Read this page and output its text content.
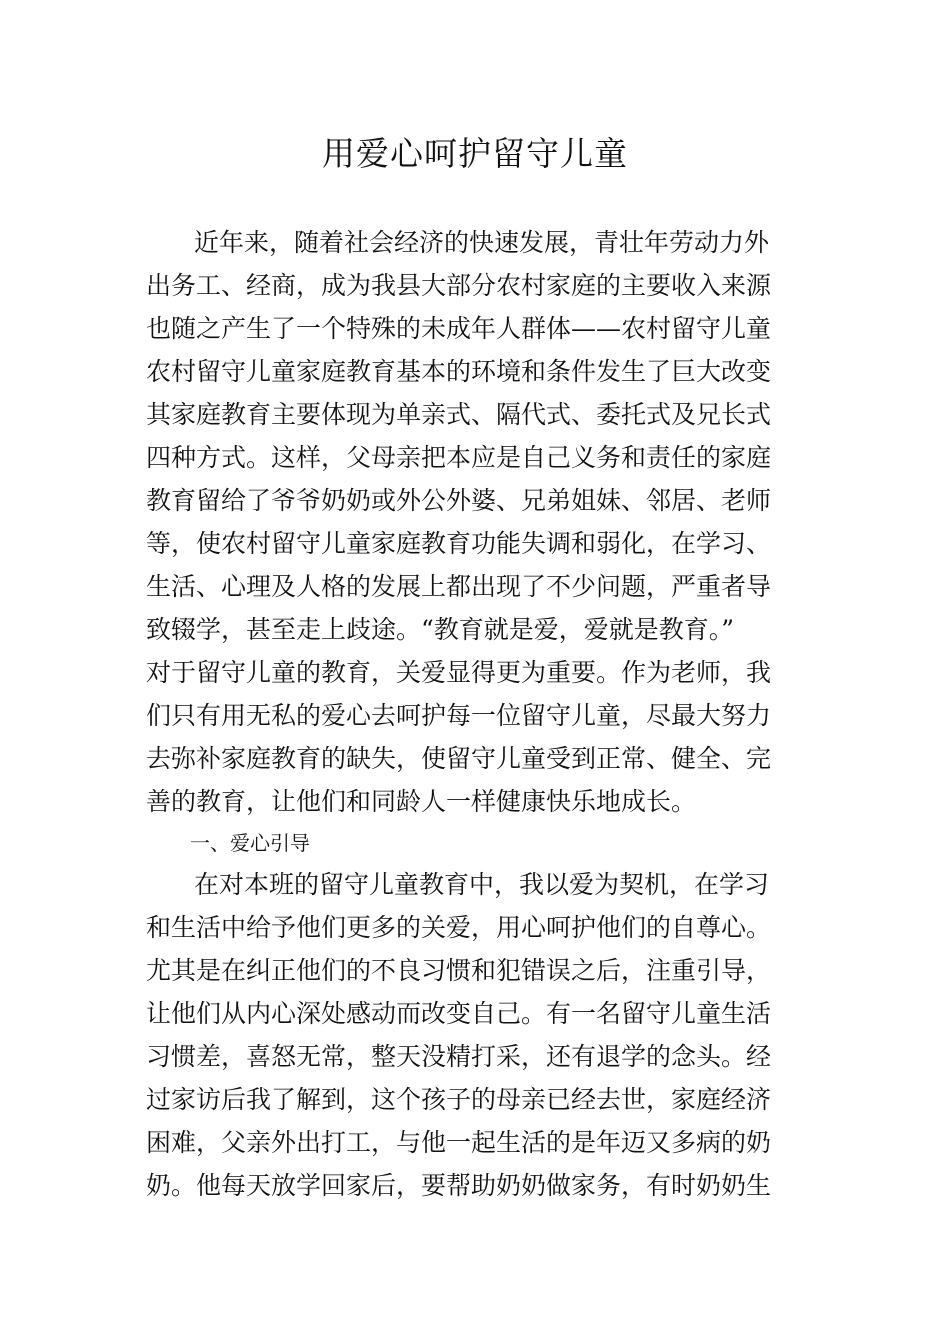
用爱心呵护留守儿童
近年来，随着社会经济的快速发展，青壮年劳动力外
出务工、经商，成为我县大部分农村家庭的主要收入来源
也随之产生了一个特殊的未成年人群体——农村留守儿童
农村留守儿童家庭教育基本的环境和条件发生了巨大改变
其家庭教育主要体现为单亲式、隔代式、委托式及兄长式
四种方式。这样，父母亲把本应是自己义务和责任的家庭
教育留给了爷爷奶奶或外公外婆、兄弟姐妹、邻居、老师
等，使农村留守儿童家庭教育功能失调和弱化，在学习、
生活、心理及人格的发展上都出现了不少问题，严重者导
致辍学，甚至走上歧途。“教育就是爱，爱就是教育。”
对于留守儿童的教育，关爱显得更为重要。作为老师，我
们只有用无私的爱心去呵护每一位留守儿童，尽最大努力
去弥补家庭教育的缺失，使留守儿童受到正常、健全、完
善的教育，让他们和同龄人一样健康快乐地成长。
一、爱心引导
在对本班的留守儿童教育中，我以爱为契机，在学习
和生活中给予他们更多的关爱，用心呵护他们的自尊心。
尤其是在纠正他们的不良习惯和犯错误之后，注重引导，
让他们从内心深处感动而改变自己。有一名留守儿童生活
习惯差，喜怒无常，整天没精打采，还有退学的念头。经
过家访后我了解到，这个孩子的母亲已经去世，家庭经济
困难，父亲外出打工，与他一起生活的是年迈又多病的奶
奶。他每天放学回家后，要帮助奶奶做家务，有时奶奶生
